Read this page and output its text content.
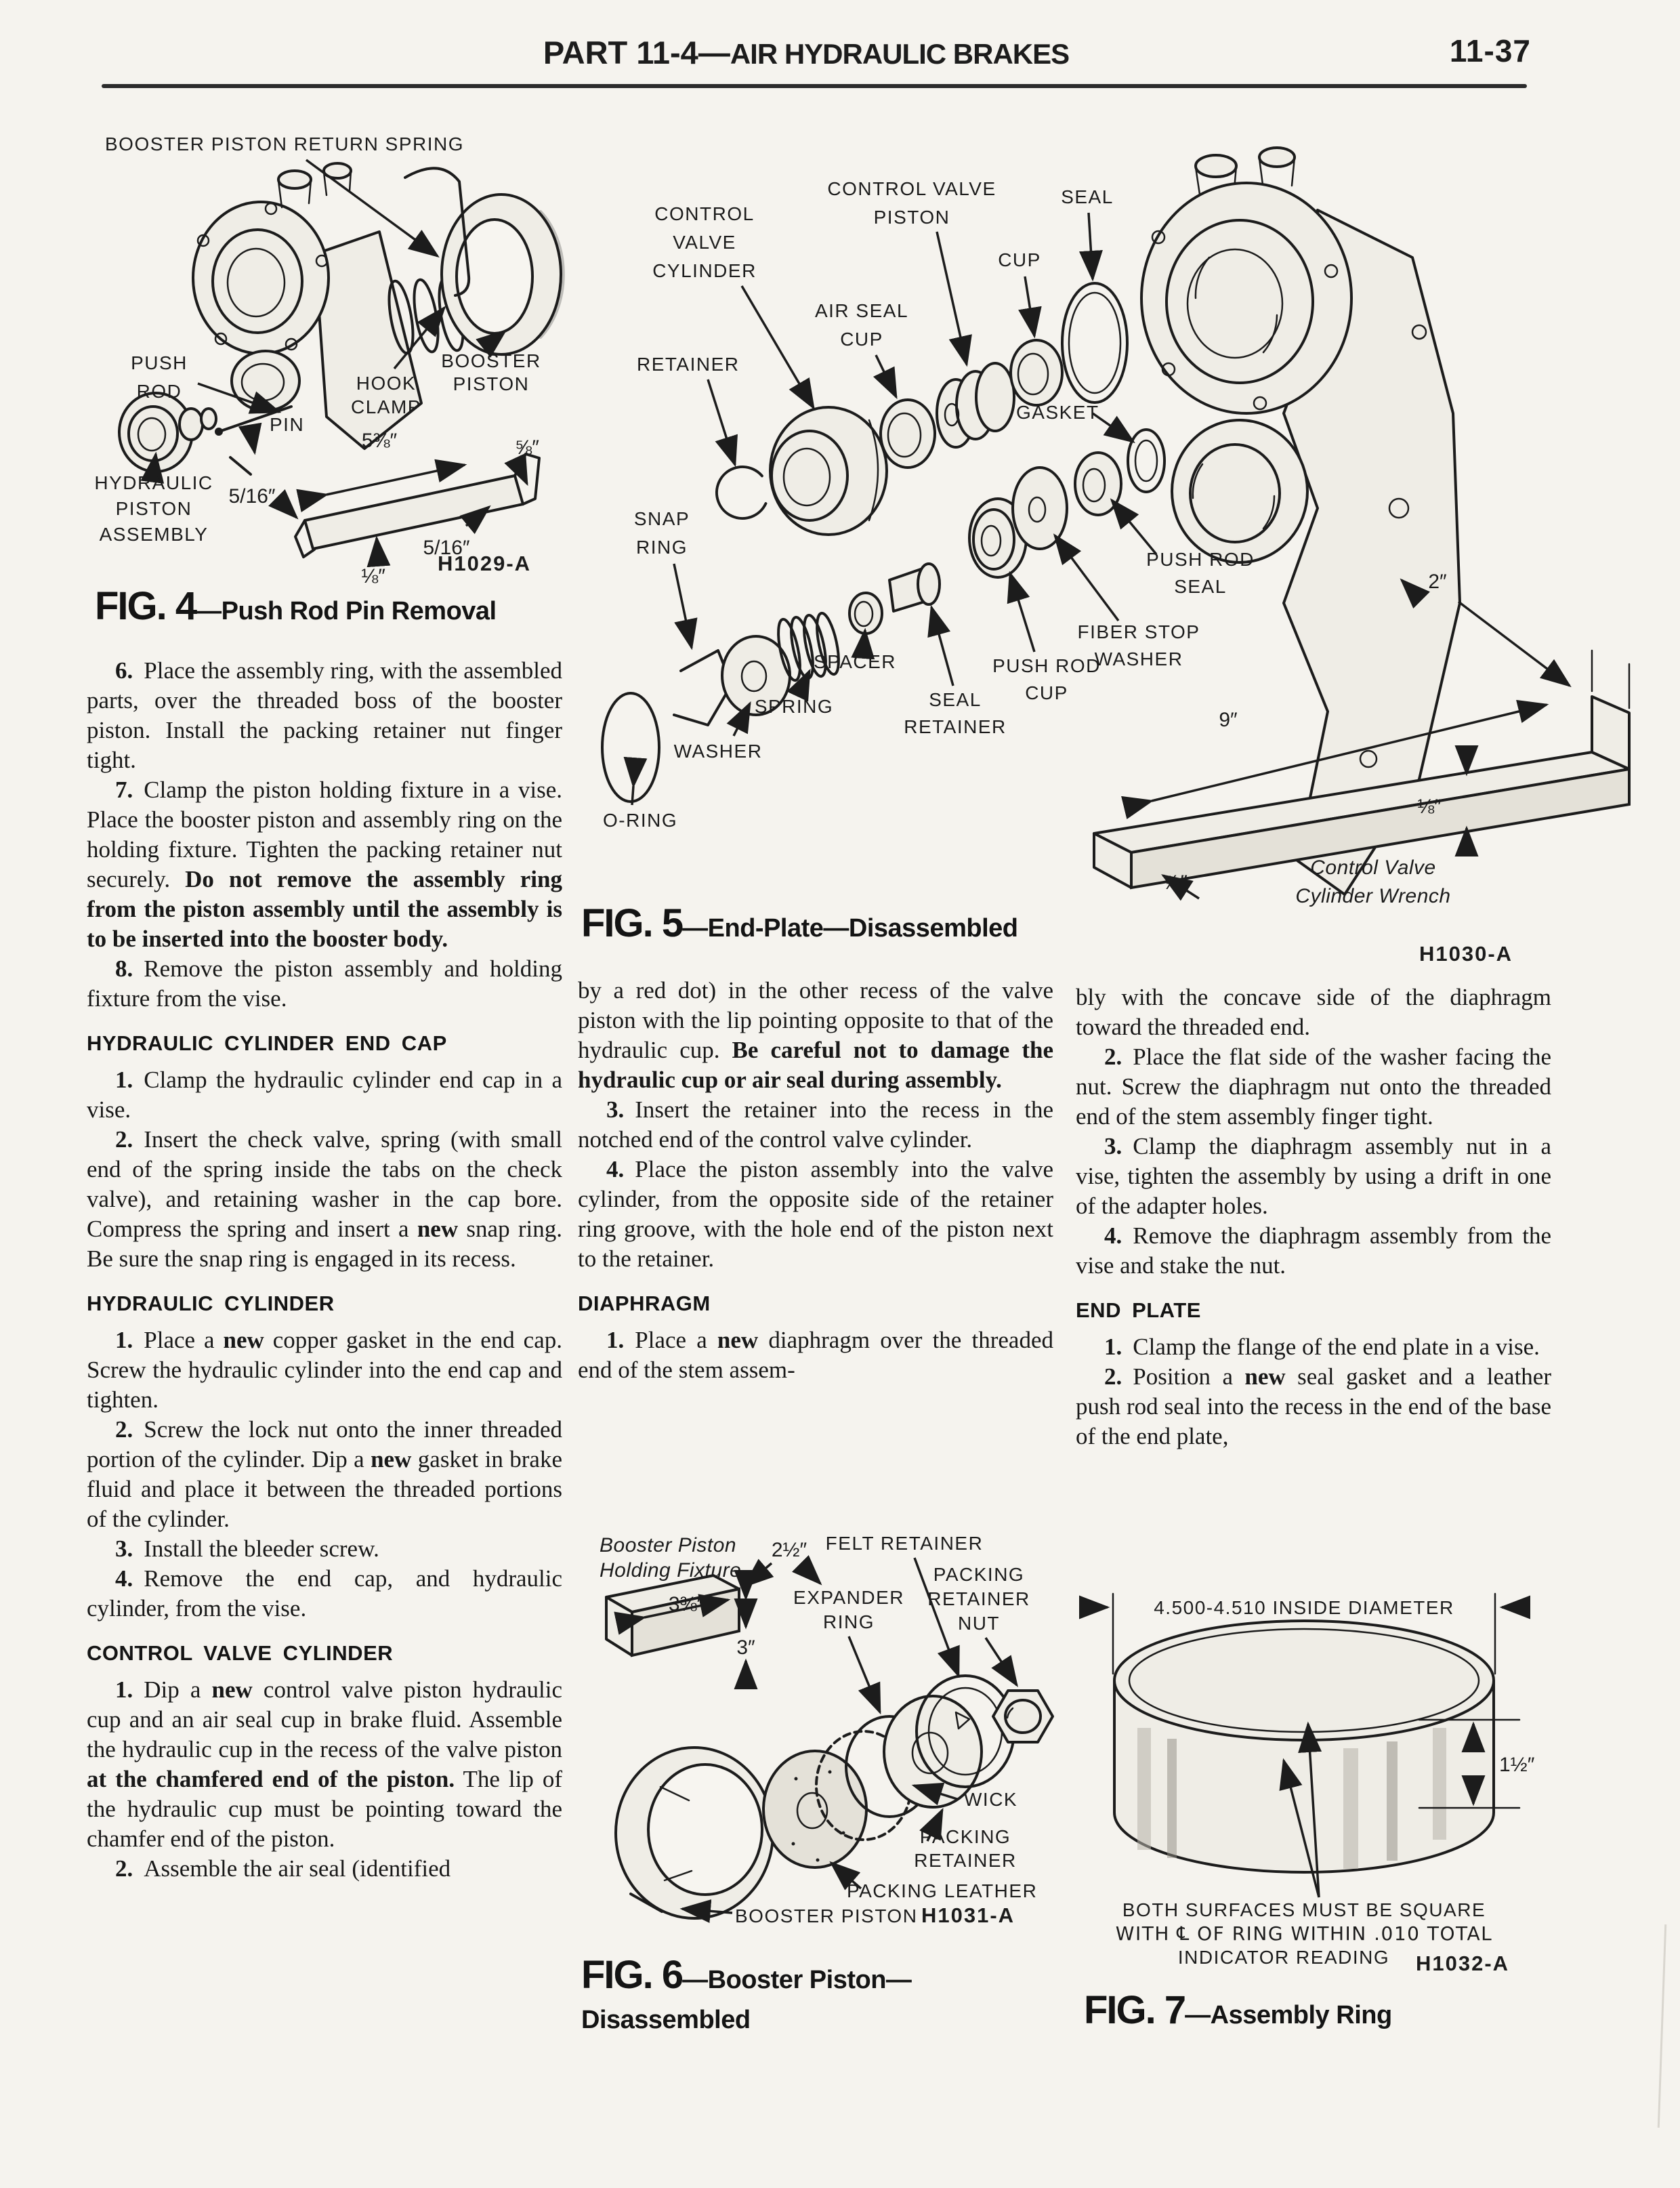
PART 11-4—AIR HYDRAULIC BRAKES	11-37
BOOSTER PISTON RETURN SPRING
PUSH
ROD	HOOK
CLAMP
BOOSTER
PISTON
PIN
HYDRAULIC
PISTON
ASSEMBLY
5⅜″	⅝″
5/16″
⅛″
5/16″
H1029-A
FIG. 4—Push Rod Pin Removal
CONTROL
VALVE
CYLINDER
CONTROL VALVE
PISTON
SEAL
CUP
AIR SEAL
CUP
RETAINER
GASKET
SNAP
RING
O-RING
WASHER
SPRING
SPACER
SEAL
RETAINER
PUSH ROD
CUP
FIBER STOP
WASHER
PUSH ROD
SEAL	2″
9″
⅛″
⅞″
Control Valve
Cylinder Wrench
H1030-A
FIG. 5—End-Plate—Disassembled

6. Place the assembly ring, with the assembled parts, over the threaded boss of the booster piston. Install the packing retainer nut finger tight.

7. Clamp the piston holding fixture in a vise. Place the booster piston and assembly ring on the holding fixture. Tighten the packing retainer nut securely. Do not remove the assembly ring from the piston assembly until the assembly is to be inserted into the booster body.

8. Remove the piston assembly and holding fixture from the vise.

HYDRAULIC CYLINDER END CAP

1. Clamp the hydraulic cylinder end cap in a vise.

2. Insert the check valve, spring (with small end of the spring inside the tabs on the check valve), and retaining washer in the cap bore. Compress the spring and insert a new snap ring. Be sure the snap ring is engaged in its recess.

HYDRAULIC CYLINDER

1. Place a new copper gasket in the end cap. Screw the hydraulic cylinder into the end cap and tighten.

2. Screw the lock nut onto the inner threaded portion of the cylinder. Dip a new gasket in brake fluid and place it between the threaded portions of the cylinder.

3. Install the bleeder screw.

4. Remove the end cap, and hydraulic cylinder, from the vise.

CONTROL VALVE CYLINDER

1. Dip a new control valve piston hydraulic cup and an air seal cup in brake fluid. Assemble the hydraulic cup in the recess of the valve piston at the chamfered end of the piston. The lip of the hydraulic cup must be pointing toward the chamfer end of the piston.

2. Assemble the air seal (identified

by a red dot) in the other recess of the valve piston with the lip pointing opposite to that of the hydraulic cup. Be careful not to damage the hydraulic cup or air seal during assembly.

3. Insert the retainer into the recess in the notched end of the control valve cylinder.

4. Place the piston assembly into the valve cylinder, from the opposite side of the retainer ring groove, with the hole end of the piston next to the retainer.

DIAPHRAGM

1. Place a new diaphragm over the threaded end of the stem assem-

bly with the concave side of the diaphragm toward the threaded end.

2. Place the flat side of the washer facing the nut. Screw the diaphragm nut onto the threaded end of the stem assembly finger tight.

3. Clamp the diaphragm assembly nut in a vise, tighten the assembly by using a drift in one of the adapter holes.

4. Remove the diaphragm assembly from the vise and stake the nut.

END PLATE

1. Clamp the flange of the end plate in a vise.

2. Position a new seal gasket and a leather push rod seal into the recess in the end of the base of the end plate,

Booster Piston
Holding Fixture
2½″ FELT RETAINER
PACKING
RETAINER
NUT
3⅜″	EXPANDER
RING
3″
WICK
PACKING
RETAINER
PACKING LEATHER
BOOSTER PISTON H1031-A
FIG. 6—Booster Piston—
Disassembled
4.500-4.510 INSIDE DIAMETER
1½″
BOTH SURFACES MUST BE SQUARE
WITH ℄ OF RING WITHIN .010 TOTAL
INDICATOR READING H1032-A
FIG. 7—Assembly Ring
